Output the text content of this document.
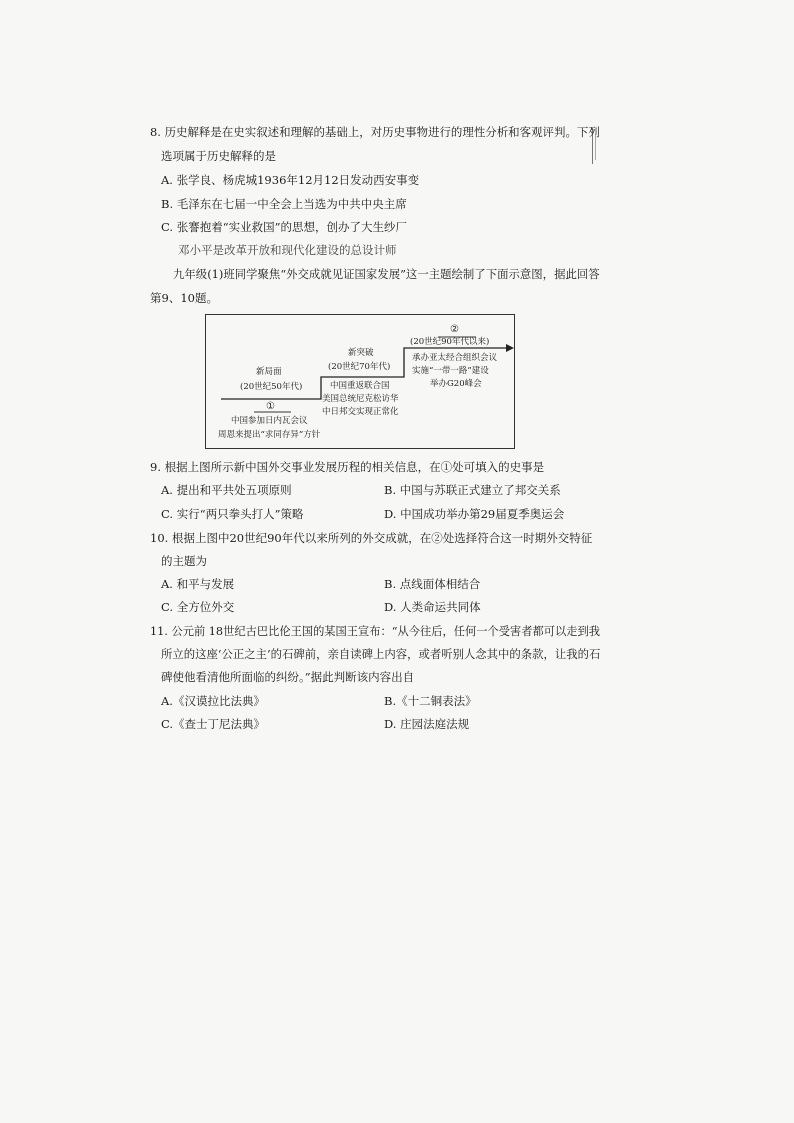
8. 历史解释是在史实叙述和理解的基础上，对历史事物进行的理性分析和客观评判。下列
选项属于历史解释的是
A. 张学良、杨虎城1936年12月12日发动西安事变
B. 毛泽东在七届一中全会上当选为中共中央主席
C. 张謇抱着“实业救国”的思想，创办了大生纱厂
邓小平是改革开放和现代化建设的总设计师
九年级(1)班同学聚焦“外交成就见证国家发展”这一主题绘制了下面示意图，据此回答
第9、10题。
新局面
(20世纪50年代)
①
中国参加日内瓦会议
周恩来提出“求同存异”方针
新突破
(20世纪70年代)
中国重返联合国
美国总统尼克松访华
中日邦交实现正常化
②
(20世纪90年代以来)
承办亚太经合组织会议
实施“一带一路”建设
举办G20峰会
9. 根据上图所示新中国外交事业发展历程的相关信息，在①处可填入的史事是
A. 提出和平共处五项原则	B. 中国与苏联正式建立了邦交关系
C. 实行“两只拳头打人”策略	D. 中国成功举办第29届夏季奥运会
10. 根据上图中20世纪90年代以来所列的外交成就，在②处选择符合这一时期外交特征
的主题为
A. 和平与发展	B. 点线面体相结合
C. 全方位外交	D. 人类命运共同体
11. 公元前 18世纪古巴比伦王国的某国王宣布：“从今往后，任何一个受害者都可以走到我
所立的这座‘公正之主’的石碑前，亲自读碑上内容，或者听别人念其中的条款，让我的石
碑使他看清他所面临的纠纷。”据此判断该内容出自
A.《汉谟拉比法典》	B.《十二铜表法》
C.《查士丁尼法典》	D. 庄园法庭法规
